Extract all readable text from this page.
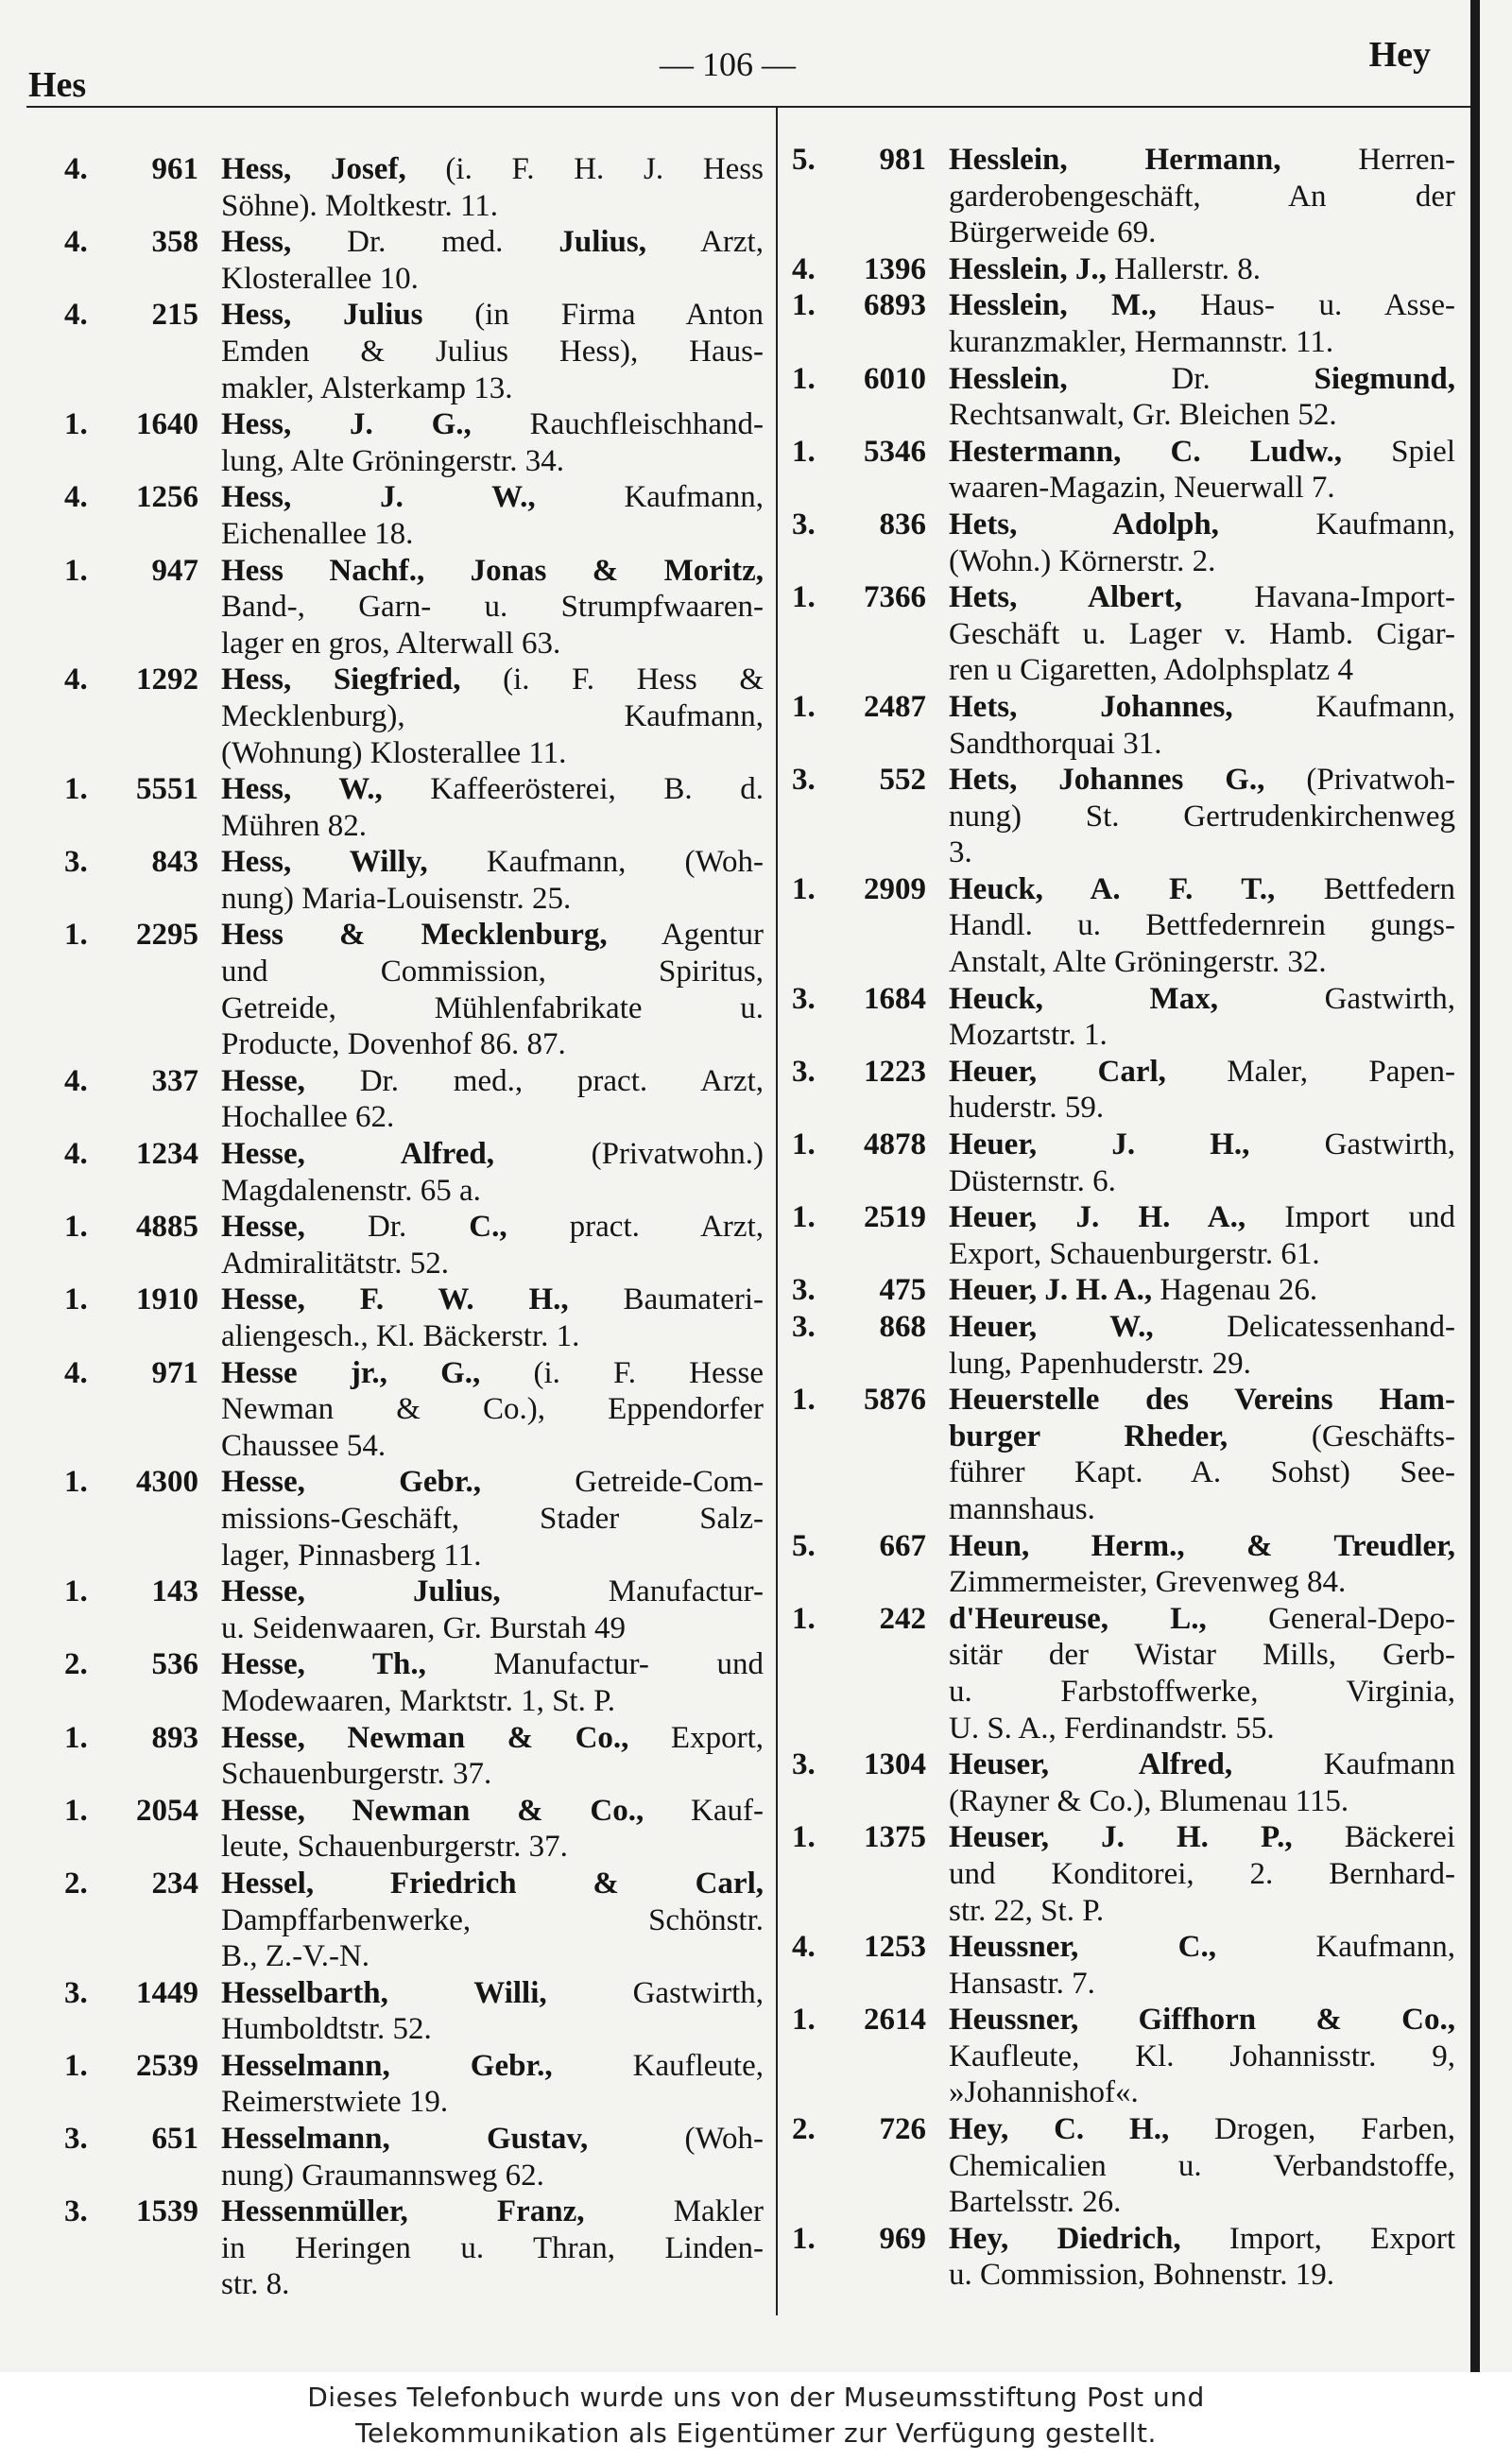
Hes
— 106 —	Hey
4. 961 Hess, Josef, (i. F. H. J. Hess
Söhne). Moltkestr. 11.
4. 358 Hess, Dr. med. Julius, Arzt,
Klosterallee 10.
4. 215 Hess, Julius (in Firma Anton
Emden & Julius Hess), Haus-
makler, Alsterkamp 13.
1. 1640 Hess, J. G., Rauchfleischhand-
lung, Alte Gröningerstr. 34.
4. 1256 Hess, J. W., Kaufmann,
Eichenallee 18.
1. 947 Hess Nachf., Jonas & Moritz,
Band-, Garn- u. Strumpfwaaren-
lager en gros, Alterwall 63.
4. 1292 Hess, Siegfried, (i. F. Hess &
Mecklenburg), Kaufmann,
(Wohnung) Klosterallee 11.
1. 5551 Hess, W., Kaffeerösterei, B. d.
Mühren 82.
3. 843 Hess, Willy, Kaufmann, (Woh-
nung) Maria-Louisenstr. 25.
1. 2295 Hess & Mecklenburg, Agentur
und Commission, Spiritus,
Getreide, Mühlenfabrikate u.
Producte, Dovenhof 86. 87.
4. 337 Hesse, Dr. med., pract. Arzt,
Hochallee 62.
4. 1234 Hesse, Alfred, (Privatwohn.)
Magdalenenstr. 65 a.
1. 4885 Hesse, Dr. C., pract. Arzt,
Admiralitätstr. 52.
1. 1910 Hesse, F. W. H., Baumateri-
aliengesch., Kl. Bäckerstr. 1.
4. 971 Hesse jr., G., (i. F. Hesse
Newman & Co.), Eppendorfer
Chaussee 54.
1. 4300 Hesse, Gebr., Getreide-Com-
missions-Geschäft, Stader Salz-
lager, Pinnasberg 11.
1. 143 Hesse, Julius, Manufactur-
u. Seidenwaaren, Gr. Burstah 49
2. 536 Hesse, Th., Manufactur- und
Modewaaren, Marktstr. 1, St. P.
1. 893 Hesse, Newman & Co., Export,
Schauenburgerstr. 37.
1. 2054 Hesse, Newman & Co., Kauf-
leute, Schauenburgerstr. 37.
2. 234 Hessel, Friedrich & Carl,
Dampffarbenwerke, Schönstr.
B., Z.-V.-N.
3. 1449 Hesselbarth, Willi, Gastwirth,
Humboldtstr. 52.
1. 2539 Hesselmann, Gebr., Kaufleute,
Reimerstwiete 19.
3. 651 Hesselmann, Gustav, (Woh-
nung) Graumannsweg 62.
3. 1539 Hessenmüller, Franz, Makler
in Heringen u. Thran, Linden-
str. 8.
5. 981 Hesslein, Hermann, Herren-
garderobengeschäft, An der
Bürgerweide 69.
4. 1396 Hesslein, J., Hallerstr. 8.
1. 6893 Hesslein, M., Haus- u. Asse-
kuranzmakler, Hermannstr. 11.
1. 6010 Hesslein, Dr. Siegmund,
Rechtsanwalt, Gr. Bleichen 52.
1. 5346 Hestermann, C. Ludw., Spiel
waaren-Magazin, Neuerwall 7.
3. 836 Hets, Adolph, Kaufmann,
(Wohn.) Körnerstr. 2.
1. 7366 Hets, Albert, Havana-Import-
Geschäft u. Lager v. Hamb. Cigar-
ren u Cigaretten, Adolphsplatz 4
1. 2487 Hets, Johannes, Kaufmann,
Sandthorquai 31.
3. 552 Hets, Johannes G., (Privatwoh-
nung) St. Gertrudenkirchenweg
3.
1. 2909 Heuck, A. F. T., Bettfedern
Handl. u. Bettfedernrein gungs-
Anstalt, Alte Gröningerstr. 32.
3. 1684 Heuck, Max, Gastwirth,
Mozartstr. 1.
3. 1223 Heuer, Carl, Maler, Papen-
huderstr. 59.
1. 4878 Heuer, J. H., Gastwirth,
Düsternstr. 6.
1. 2519 Heuer, J. H. A., Import und
Export, Schauenburgerstr. 61.
3. 475 Heuer, J. H. A., Hagenau 26.
3. 868 Heuer, W., Delicatessenhand-
lung, Papenhuderstr. 29.
1. 5876 Heuerstelle des Vereins Ham-
burger Rheder, (Geschäfts-
führer Kapt. A. Sohst) See-
mannshaus.
5. 667 Heun, Herm., & Treudler,
Zimmermeister, Grevenweg 84.
1. 242 d'Heureuse, L., General-Depo-
sitär der Wistar Mills, Gerb-
u. Farbstoffwerke, Virginia,
U. S. A., Ferdinandstr. 55.
3. 1304 Heuser, Alfred, Kaufmann
(Rayner & Co.), Blumenau 115.
1. 1375 Heuser, J. H. P., Bäckerei
und Konditorei, 2. Bernhard-
str. 22, St. P.
4. 1253 Heussner, C., Kaufmann,
Hansastr. 7.
1. 2614 Heussner, Giffhorn & Co.,
Kaufleute, Kl. Johannisstr. 9,
»Johannishof«.
2. 726 Hey, C. H., Drogen, Farben,
Chemicalien u. Verbandstoffe,
Bartelsstr. 26.
1. 969 Hey, Diedrich, Import, Export
u. Commission, Bohnenstr. 19.
Dieses Telefonbuch wurde uns von der Museumsstiftung Post und
Telekommunikation als Eigentümer zur Verfügung gestellt.
